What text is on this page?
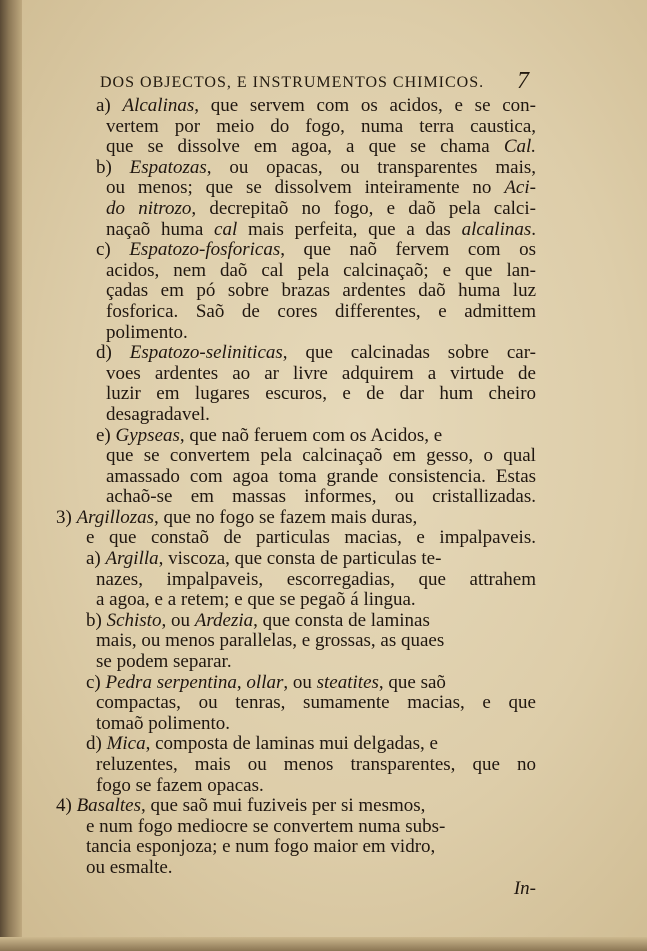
DOS OBJECTOS, E INSTRUMENTOS CHIMICOS. 7
a) Alcalinas, que servem com os acidos, e se con-
vertem por meio do fogo, numa terra caustica,
que se dissolve em agoa, a que se chama Cal.
b) Espatozas, ou opacas, ou transparentes mais,
ou menos; que se dissolvem inteiramente no Aci-
do nitrozo, decrepitaõ no fogo, e daõ pela calci-
naçaõ huma cal mais perfeita, que a das alcalinas.
c) Espatozo-fosforicas, que naõ fervem com os
acidos, nem daõ cal pela calcinaçaõ; e que lan-
çadas em pó sobre brazas ardentes daõ huma luz
fosforica. Saõ de cores differentes, e admittem
polimento.
d) Espatozo-seliniticas, que calcinadas sobre car-
voes ardentes ao ar livre adquirem a virtude de
luzir em lugares escuros, e de dar hum cheiro
desagradavel.
e) Gypseas, que naõ feruem com os Acidos, e
que se convertem pela calcinaçaõ em gesso, o qual
amassado com agoa toma grande consistencia. Estas
achaõ-se em massas informes, ou cristallizadas.
3) Argillozas, que no fogo se fazem mais duras,
e que constaõ de particulas macias, e impalpaveis.
a) Argilla, viscoza, que consta de particulas te-
nazes, impalpaveis, escorregadias, que attrahem
a agoa, e a retem; e que se pegaõ á lingua.
b) Schisto, ou Ardezia, que consta de laminas
mais, ou menos parallelas, e grossas, as quaes
se podem separar.
c) Pedra serpentina, ollar, ou steatites, que saõ
compactas, ou tenras, sumamente macias, e que
tomaõ polimento.
d) Mica, composta de laminas mui delgadas, e
reluzentes, mais ou menos transparentes, que no
fogo se fazem opacas.
4) Basaltes, que saõ mui fuziveis per si mesmos,
e num fogo mediocre se convertem numa subs-
tancia esponjoza; e num fogo maior em vidro,
ou esmalte.
In-
